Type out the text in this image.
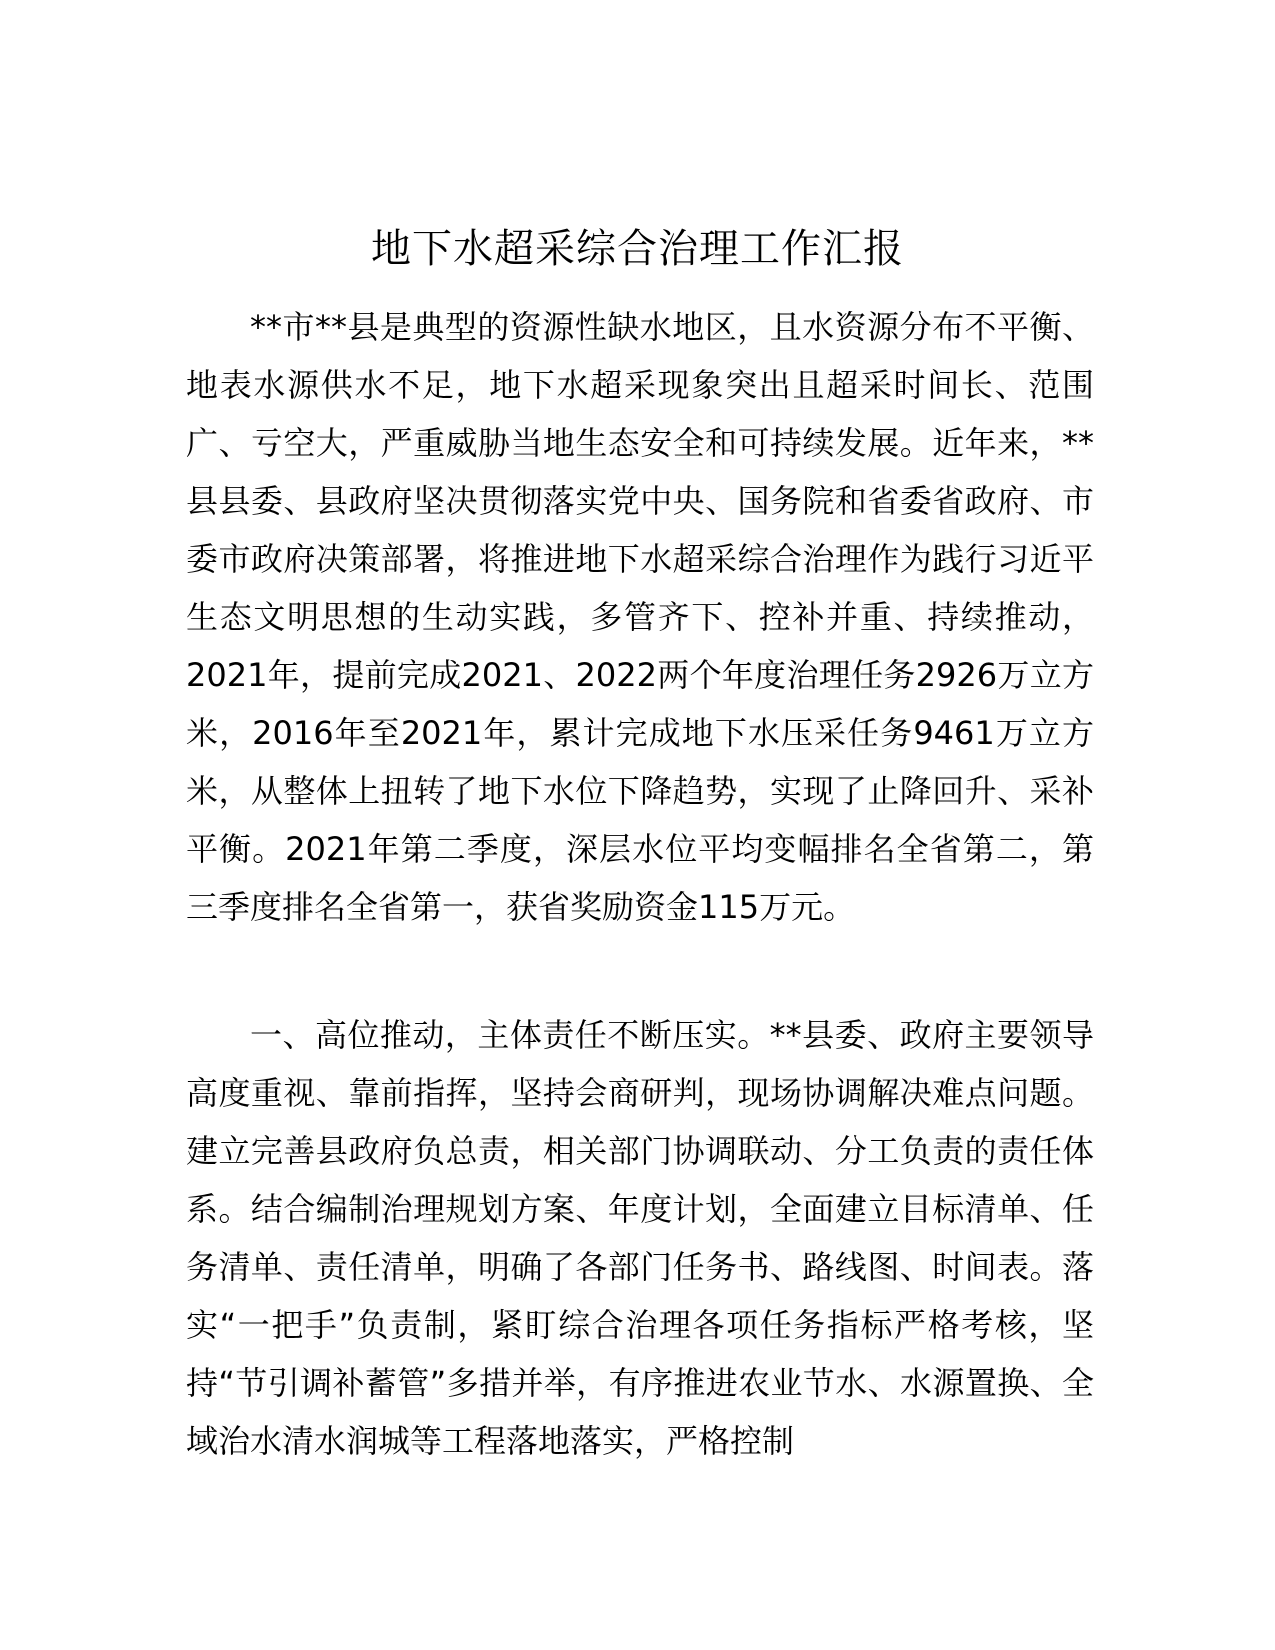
地下水超采综合治理工作汇报

**市**县是典型的资源性缺水地区，且水资源分布不平衡、地表水源供水不足，地下水超采现象突出且超采时间长、范围广、亏空大，严重威胁当地生态安全和可持续发展。近年来，**县县委、县政府坚决贯彻落实党中央、国务院和省委省政府、市委市政府决策部署，将推进地下水超采综合治理作为践行习近平生态文明思想的生动实践，多管齐下、控补并重、持续推动，2021年，提前完成2021、2022两个年度治理任务2926万立方米，2016年至2021年，累计完成地下水压采任务9461万立方米，从整体上扭转了地下水位下降趋势，实现了止降回升、采补平衡。2021年第二季度，深层水位平均变幅排名全省第二，第三季度排名全省第一，获省奖励资金115万元。

一、高位推动，主体责任不断压实。**县委、政府主要领导高度重视、靠前指挥，坚持会商研判，现场协调解决难点问题。建立完善县政府负总责，相关部门协调联动、分工负责的责任体系。结合编制治理规划方案、年度计划，全面建立目标清单、任务清单、责任清单，明确了各部门任务书、路线图、时间表。落实“一把手”负责制，紧盯综合治理各项任务指标严格考核，坚持“节引调补蓄管”多措并举，有序推进农业节水、水源置换、全域治水清水润城等工程落地落实，严格控制
